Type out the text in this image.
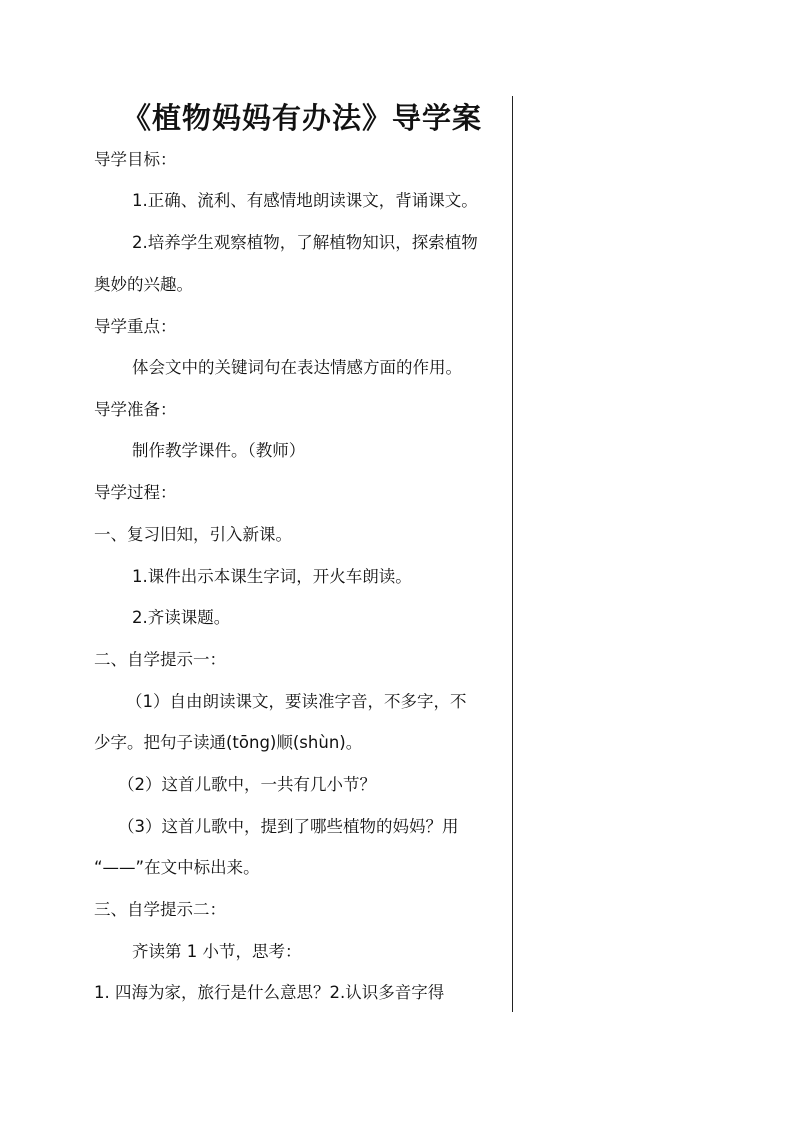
《植物妈妈有办法》导学案
导学目标：
1.正确、流利、有感情地朗读课文，背诵课文。
2.培养学生观察植物，了解植物知识，探索植物
奥妙的兴趣。
导学重点：
体会文中的关键词句在表达情感方面的作用。
导学准备：
制作教学课件。（教师）
导学过程：
一、复习旧知，引入新课。
1.课件出示本课生字词，开火车朗读。
2.齐读课题。
二、自学提示一：
（1）自由朗读课文，要读准字音，不多字，不
少字。把句子读通(tōng)顺(shùn)。
（2）这首儿歌中，一共有几小节？
（3）这首儿歌中，提到了哪些植物的妈妈？用
“——”在文中标出来。
三、自学提示二：
齐读第 1 小节，思考：
1. 四海为家，旅行是什么意思？2.认识多音字得
